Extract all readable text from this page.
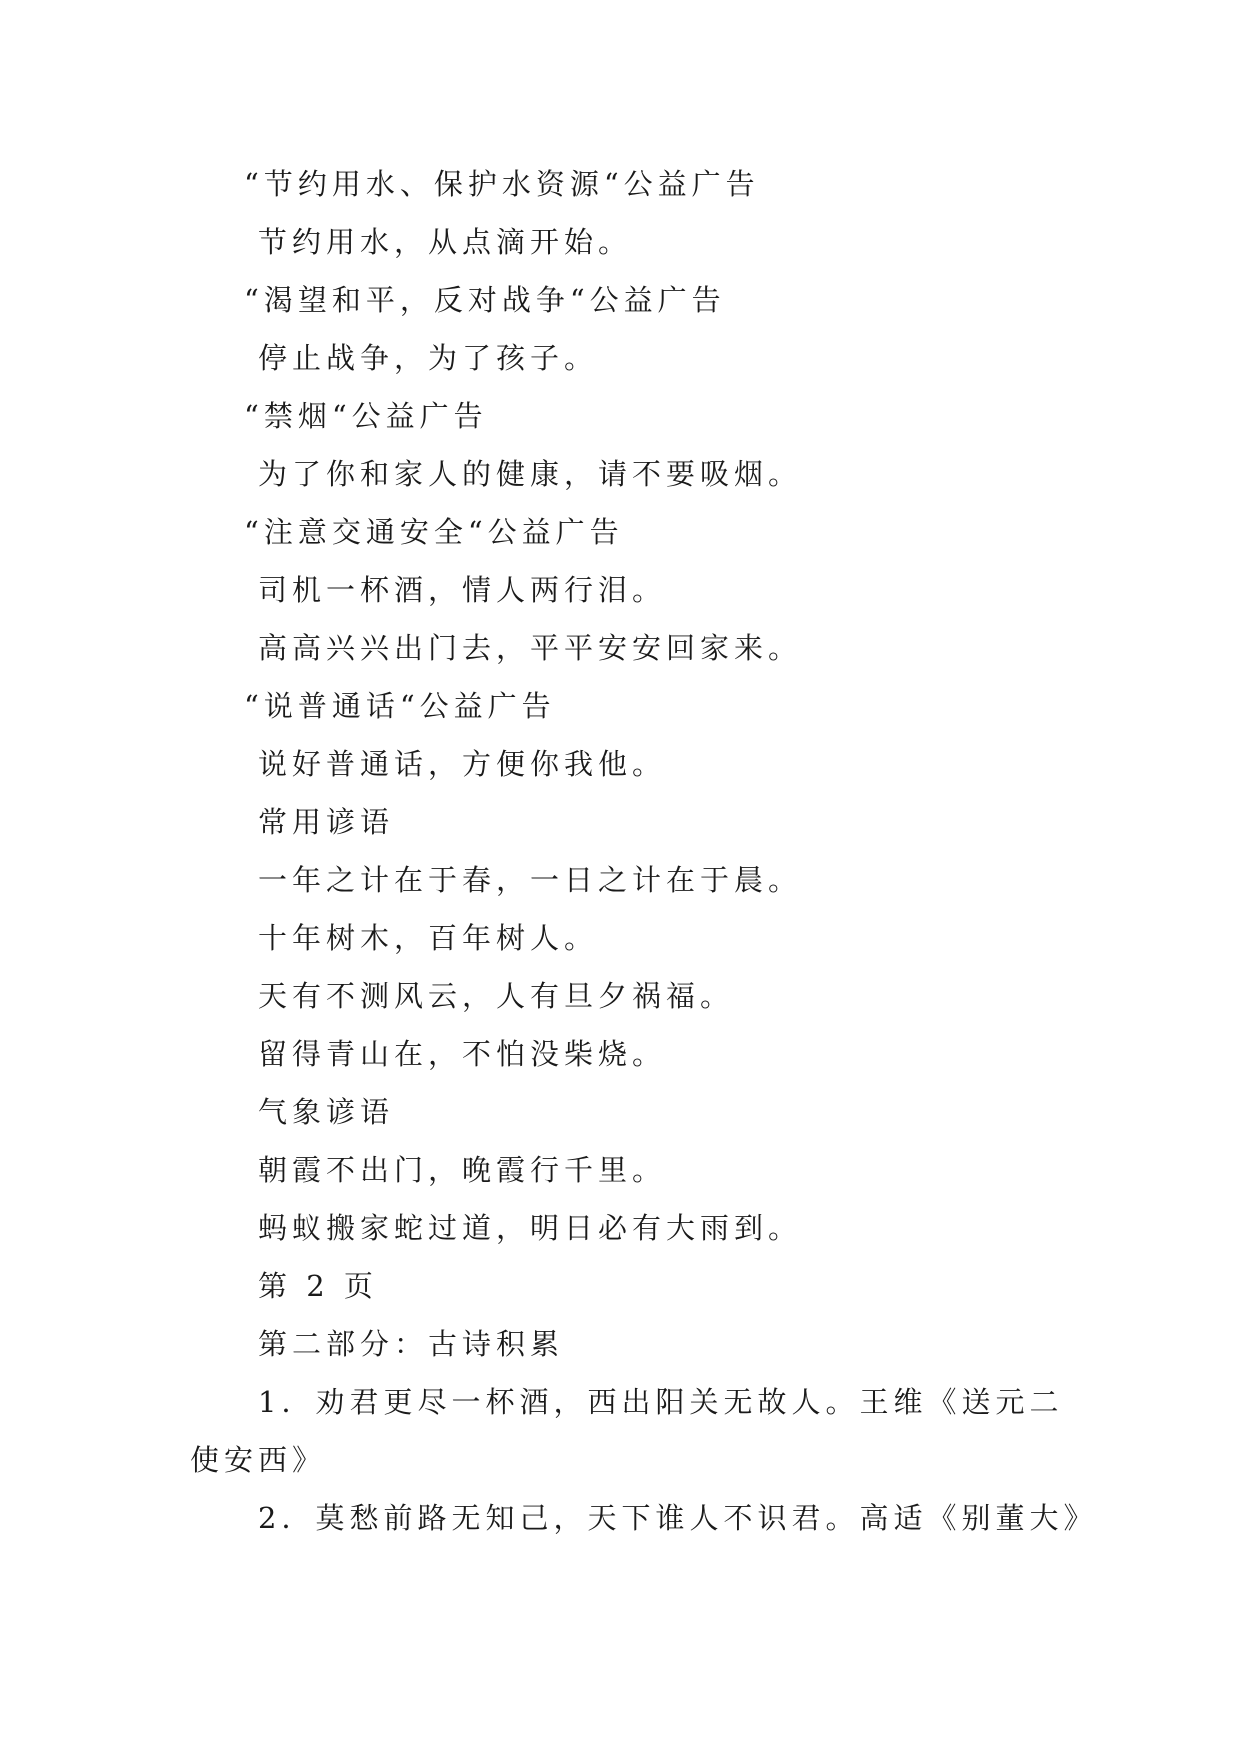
“节约用水、保护水资源“公益广告
节约用水，从点滴开始。
“渴望和平，反对战争“公益广告
停止战争，为了孩子。
“禁烟“公益广告
为了你和家人的健康，请不要吸烟。
“注意交通安全“公益广告
司机一杯酒，情人两行泪。
高高兴兴出门去，平平安安回家来。
“说普通话“公益广告
说好普通话，方便你我他。
常用谚语
一年之计在于春，一日之计在于晨。
十年树木，百年树人。
天有不测风云，人有旦夕祸福。
留得青山在，不怕没柴烧。
气象谚语
朝霞不出门，晚霞行千里。
蚂蚁搬家蛇过道，明日必有大雨到。
第 2 页
第二部分：古诗积累
1．劝君更尽一杯酒，西出阳关无故人。王维《送元二
使安西》
2．莫愁前路无知己，天下谁人不识君。高适《别董大》
